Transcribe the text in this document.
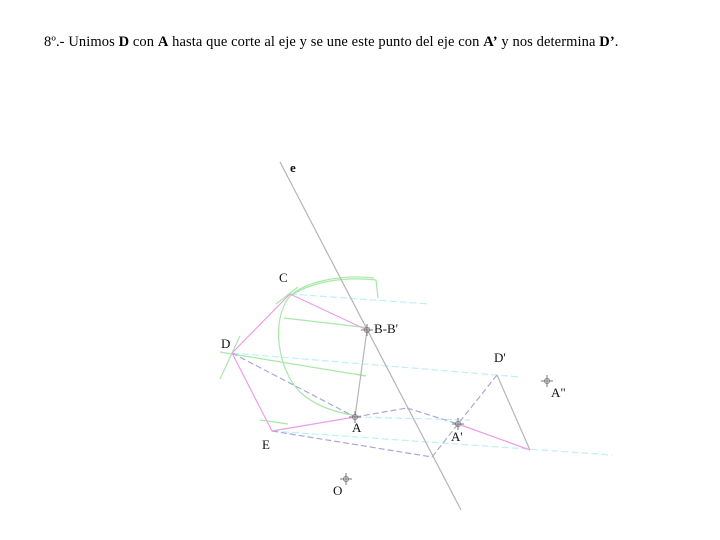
8º.- Unimos D con A hasta que corte al eje y se une este punto del eje con A’ y nos determina D’.
e
C
B-B'
D
D'
A"
A
A'
E
O
